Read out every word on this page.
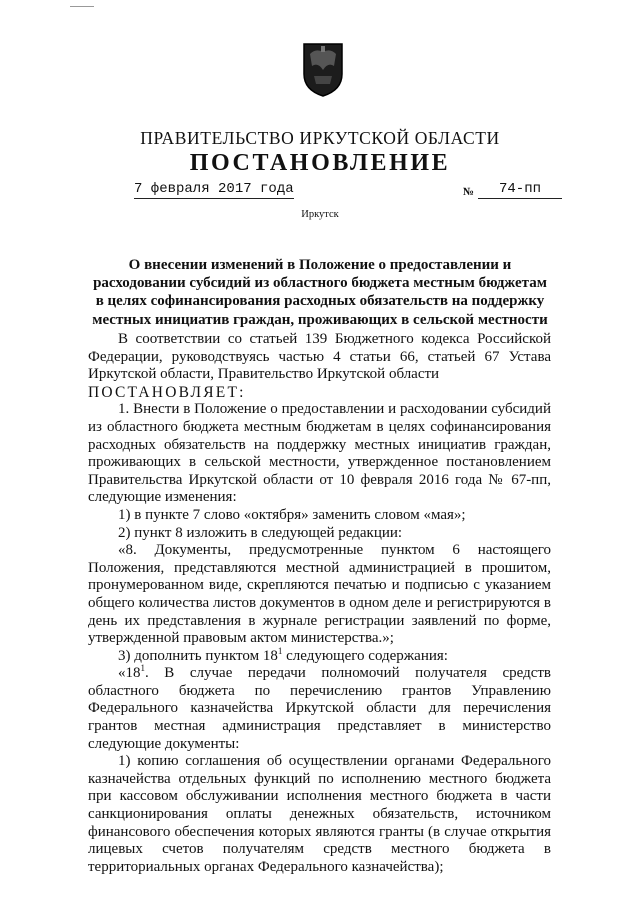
ПРАВИТЕЛЬСТВО ИРКУТСКОЙ ОБЛАСТИ
ПОСТАНОВЛЕНИЕ
7 февраля 2017 года	№	74-пп
Иркутск
О внесении изменений в Положение о предоставлении и расходовании субсидий из областного бюджета местным бюджетам в целях софинансирования расходных обязательств на поддержку местных инициатив граждан, проживающих в сельской местности

В соответствии со статьей 139 Бюджетного кодекса Российской Федерации, руководствуясь частью 4 статьи 66, статьей 67 Устава Иркутской области, Правительство Иркутской области

ПОСТАНОВЛЯЕТ:

1. Внести в Положение о предоставлении и расходовании субсидий из областного бюджета местным бюджетам в целях софинансирования расходных обязательств на поддержку местных инициатив граждан, проживающих в сельской местности, утвержденное постановлением Правительства Иркутской области от 10 февраля 2016 года № 67-пп, следующие изменения:

1) в пункте 7 слово «октября» заменить словом «мая»;

2) пункт 8 изложить в следующей редакции:

«8. Документы, предусмотренные пунктом 6 настоящего Положения, представляются местной администрацией в прошитом, пронумерованном виде, скрепляются печатью и подписью с указанием общего количества листов документов в одном деле и регистрируются в день их представления в журнале регистрации заявлений по форме, утвержденной правовым актом министерства.»;

3) дополнить пунктом $18^1$ следующего содержания:

«$18^1$. В случае передачи полномочий получателя средств областного бюджета по перечислению грантов Управлению Федерального казначейства Иркутской области для перечисления грантов местная администрация представляет в министерство следующие документы:

1) копию соглашения об осуществлении органами Федерального казначейства отдельных функций по исполнению местного бюджета при кассовом обслуживании исполнения местного бюджета в части санкционирования оплаты денежных обязательств, источником финансового обеспечения которых являются гранты (в случае открытия лицевых счетов получателям средств местного бюджета в территориальных органах Федерального казначейства);
